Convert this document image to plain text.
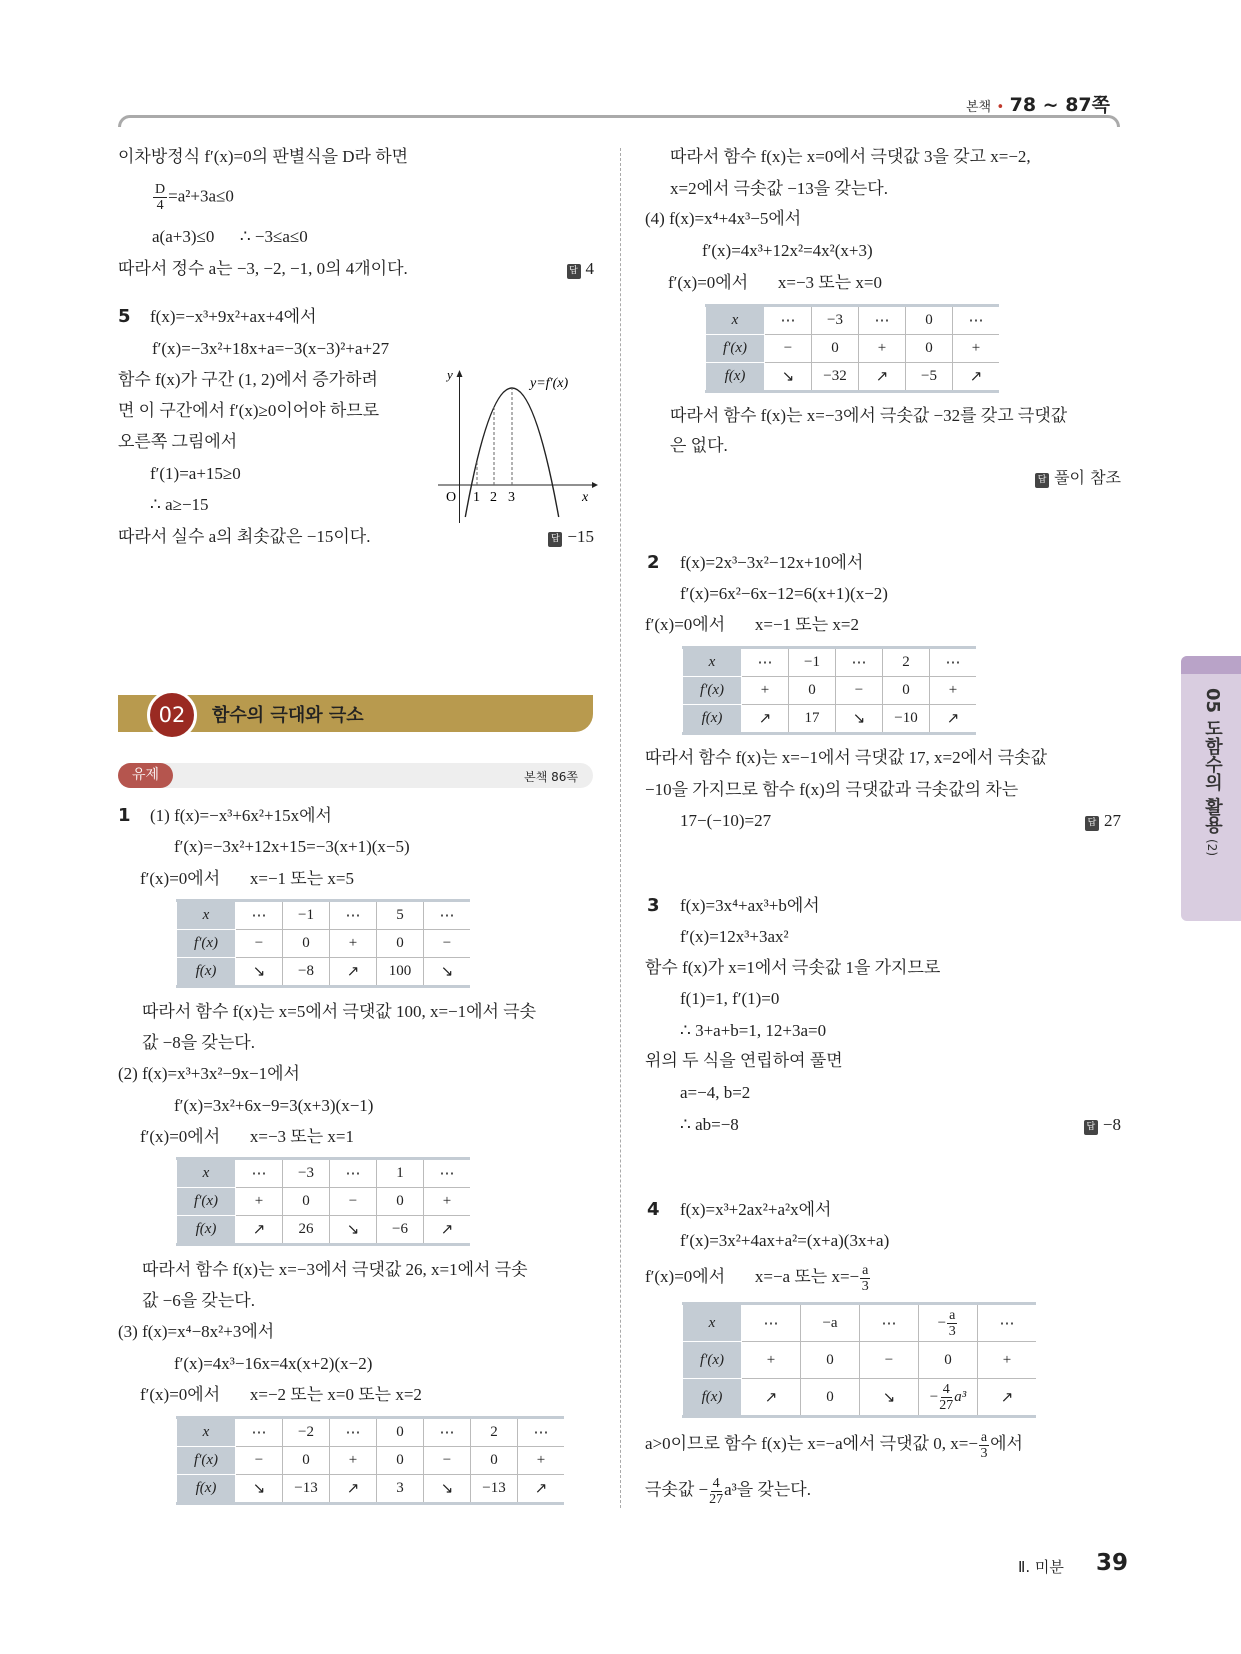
본책 • 78 ~ 87쪽
이차방정식 f′(x)=0의 판별식을 D라 하면
$\frac{D}{4} =a^2+3a\le 0$
a(a+3)≤0      ∴ −3≤a≤0
따라서 정수 a는 −3, −2, −1, 0의 4개이다.	답 4
5 f(x)=−x³+9x²+ax+4에서
f′(x)=−3x²+18x+a=−3(x−3)²+a+27
함수 f(x)가 구간 (1, 2)에서 증가하려
면 이 구간에서 f′(x)≥0이어야 하므로
오른쪽 그림에서
f′(1)=a+15≥0
∴ a≥−15
따라서 실수 a의 최솟값은 −15이다.	답 −15
y
x
O 1 2 3
y=f′(x)
02	함수의 극대와 극소
유제	본책 86쪽
1 (1) f(x)=−x³+6x²+15x에서
f′(x)=−3x²+12x+15=−3(x+1)(x−5)
f′(x)=0에서       x=−1 또는 x=5
x	⋯	−1	⋯	5	⋯
f′(x)	−	0	+	0	−
f(x)	↘	−8	↗	100	↘
따라서 함수 f(x)는 x=5에서 극댓값 100, x=−1에서 극솟
값 −8을 갖는다.
(2) f(x)=x³+3x²−9x−1에서
f′(x)=3x²+6x−9=3(x+3)(x−1)
f′(x)=0에서       x=−3 또는 x=1
x	⋯	−3	⋯	1	⋯
f′(x)	+	0	−	0	+
f(x)	↗	26	↘	−6	↗
따라서 함수 f(x)는 x=−3에서 극댓값 26, x=1에서 극솟
값 −6을 갖는다.
(3) f(x)=x⁴−8x²+3에서
f′(x)=4x³−16x=4x(x+2)(x−2)
f′(x)=0에서       x=−2 또는 x=0 또는 x=2
x	⋯	−2	⋯	0	⋯	2	⋯
f′(x)	−	0	+	0	−	0	+
f(x)	↘	−13	↗	3	↘	−13	↗
따라서 함수 f(x)는 x=0에서 극댓값 3을 갖고 x=−2,
x=2에서 극솟값 −13을 갖는다.
(4) f(x)=x⁴+4x³−5에서
f′(x)=4x³+12x²=4x²(x+3)
f′(x)=0에서       x=−3 또는 x=0
x	⋯	−3	⋯	0	⋯
f′(x)	−	0	+	0	+
f(x)	↘	−32	↗	−5	↗
따라서 함수 f(x)는 x=−3에서 극솟값 −32를 갖고 극댓값
은 없다.
답 풀이 참조
2 f(x)=2x³−3x²−12x+10에서
f′(x)=6x²−6x−12=6(x+1)(x−2)
f′(x)=0에서       x=−1 또는 x=2
x	⋯	−1	⋯	2	⋯
f′(x)	+	0	−	0	+
f(x)	↗	17	↘	−10	↗
따라서 함수 f(x)는 x=−1에서 극댓값 17, x=2에서 극솟값
−10을 가지므로 함수 f(x)의 극댓값과 극솟값의 차는
17−(−10)=27	답 27
3 f(x)=3x⁴+ax³+b에서
f′(x)=12x³+3ax²
함수 f(x)가 x=1에서 극솟값 1을 가지므로
f(1)=1, f′(1)=0
∴ 3+a+b=1, 12+3a=0
위의 두 식을 연립하여 풀면
a=−4, b=2
∴ ab=−8	답 −8
4 f(x)=x³+2ax²+a²x에서
f′(x)=3x²+4ax+a²=(x+a)(3x+a)
f′(x)=0에서       x=−a 또는 $x=- \frac{a}{3}$
x	⋯	−a	⋯	− $\frac{a}{3}$	⋯
f′(x)	+	0	−	0	+
f(x)	↗	0	↘	− $\frac{4}{27} a^3$	↗
a>0이므로 함수 f(x)는 x=−a에서 극댓값 0, $x=- \frac{a}{3}$ 에서
극솟값 − $\frac{4}{27} a^3$을 갖는다.
05 도함수의 활용 (2)
Ⅱ. 미분 39
